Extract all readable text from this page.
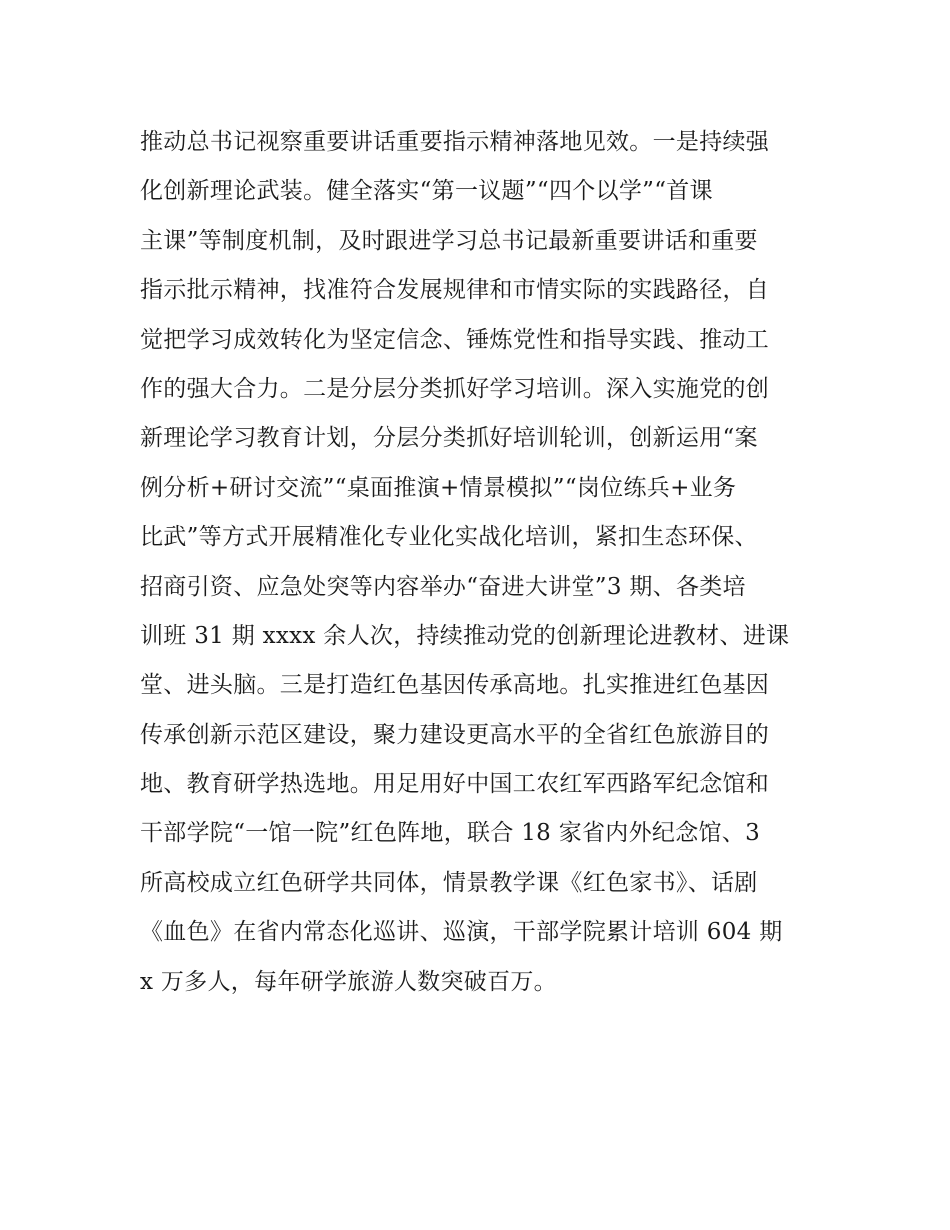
推动总书记视察重要讲话重要指示精神落地见效。一是持续强
化创新理论武装。健全落实“第一议题”“四个以学”“首课
主课”等制度机制，及时跟进学习总书记最新重要讲话和重要
指示批示精神，找准符合发展规律和市情实际的实践路径，自
觉把学习成效转化为坚定信念、锤炼党性和指导实践、推动工
作的强大合力。二是分层分类抓好学习培训。深入实施党的创
新理论学习教育计划，分层分类抓好培训轮训，创新运用“案
例分析+研讨交流”“桌面推演+情景模拟”“岗位练兵+业务
比武”等方式开展精准化专业化实战化培训，紧扣生态环保、
招商引资、应急处突等内容举办“奋进大讲堂”3 期、各类培
训班 31 期 xxxx 余人次，持续推动党的创新理论进教材、进课
堂、进头脑。三是打造红色基因传承高地。扎实推进红色基因
传承创新示范区建设，聚力建设更高水平的全省红色旅游目的
地、教育研学热选地。用足用好中国工农红军西路军纪念馆和
干部学院“一馆一院”红色阵地，联合 18 家省内外纪念馆、3
所高校成立红色研学共同体，情景教学课《红色家书》、话剧
《血色》在省内常态化巡讲、巡演，干部学院累计培训 604 期
x 万多人，每年研学旅游人数突破百万。
